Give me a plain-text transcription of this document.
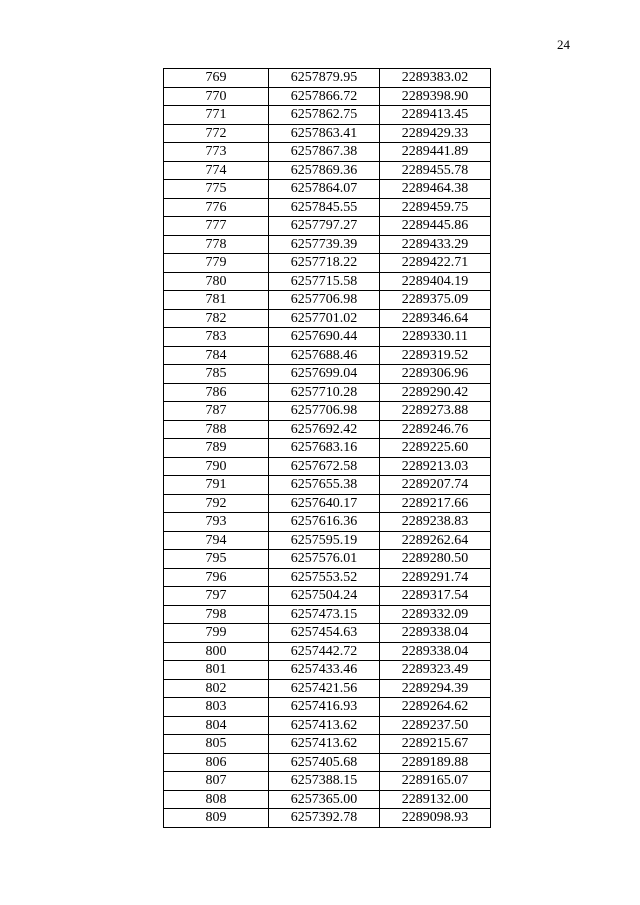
24
769	6257879.95	2289383.02
770	6257866.72	2289398.90
771	6257862.75	2289413.45
772	6257863.41	2289429.33
773	6257867.38	2289441.89
774	6257869.36	2289455.78
775	6257864.07	2289464.38
776	6257845.55	2289459.75
777	6257797.27	2289445.86
778	6257739.39	2289433.29
779	6257718.22	2289422.71
780	6257715.58	2289404.19
781	6257706.98	2289375.09
782	6257701.02	2289346.64
783	6257690.44	2289330.11
784	6257688.46	2289319.52
785	6257699.04	2289306.96
786	6257710.28	2289290.42
787	6257706.98	2289273.88
788	6257692.42	2289246.76
789	6257683.16	2289225.60
790	6257672.58	2289213.03
791	6257655.38	2289207.74
792	6257640.17	2289217.66
793	6257616.36	2289238.83
794	6257595.19	2289262.64
795	6257576.01	2289280.50
796	6257553.52	2289291.74
797	6257504.24	2289317.54
798	6257473.15	2289332.09
799	6257454.63	2289338.04
800	6257442.72	2289338.04
801	6257433.46	2289323.49
802	6257421.56	2289294.39
803	6257416.93	2289264.62
804	6257413.62	2289237.50
805	6257413.62	2289215.67
806	6257405.68	2289189.88
807	6257388.15	2289165.07
808	6257365.00	2289132.00
809	6257392.78	2289098.93
